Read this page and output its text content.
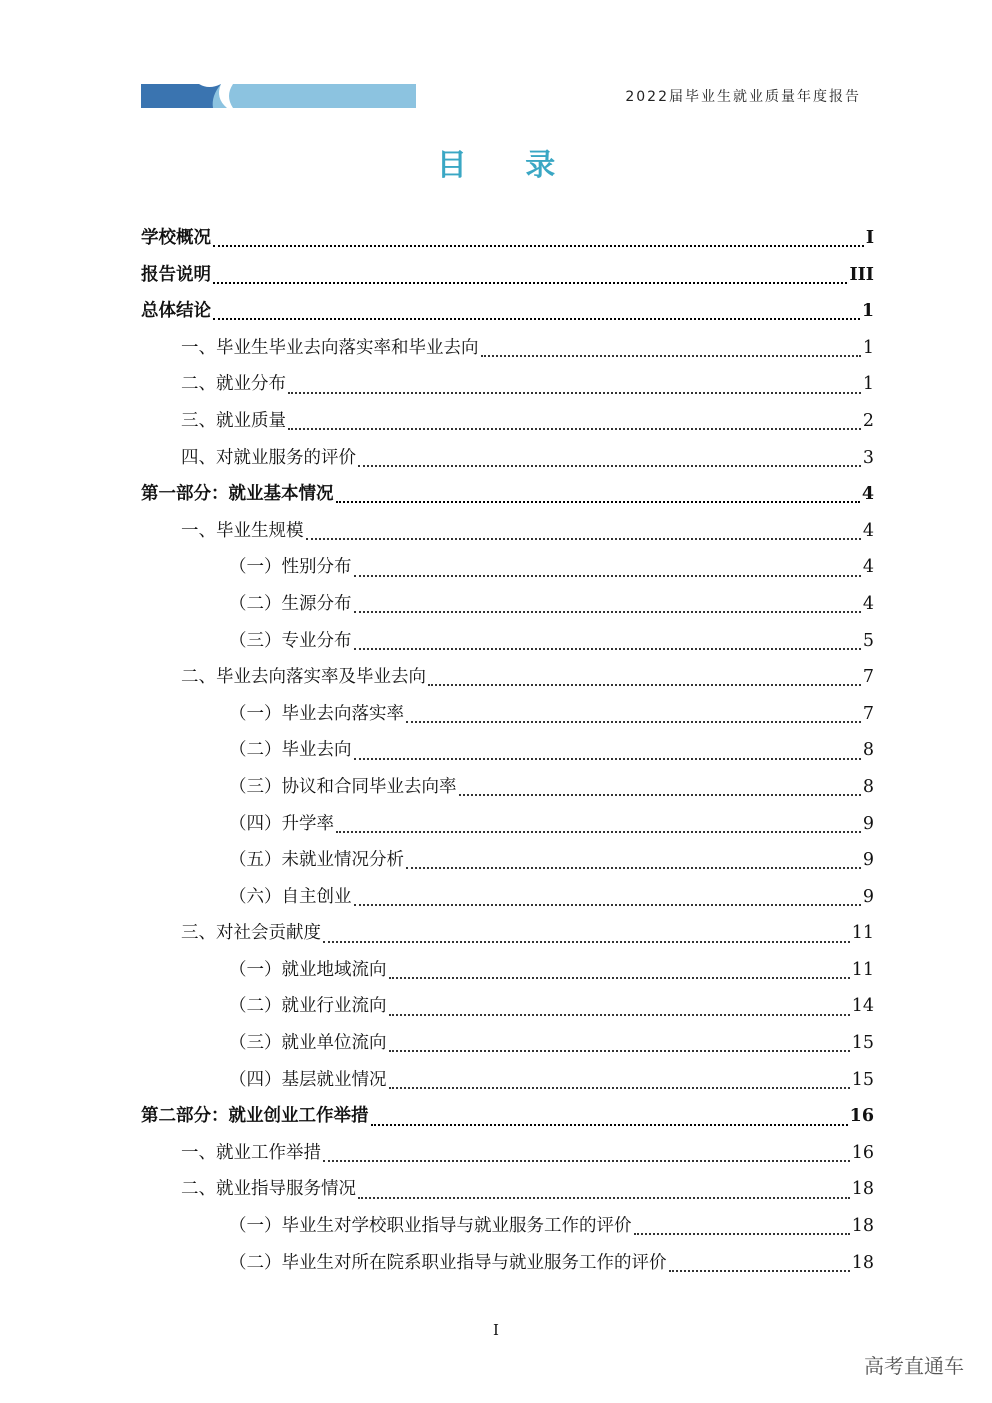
2022届毕业生就业质量年度报告
目 录
学校概况	I
报告说明	III
总体结论	1
一、毕业生毕业去向落实率和毕业去向	1
二、就业分布	1
三、就业质量	2
四、对就业服务的评价	3
第一部分：就业基本情况	4
一、毕业生规模	4
（一）性别分布	4
（二）生源分布	4
（三）专业分布	5
二、毕业去向落实率及毕业去向	7
（一）毕业去向落实率	7
（二）毕业去向	8
（三）协议和合同毕业去向率	8
（四）升学率	9
（五）未就业情况分析	9
（六）自主创业	9
三、对社会贡献度	11
（一）就业地域流向	11
（二）就业行业流向	14
（三）就业单位流向	15
（四）基层就业情况	15
第二部分：就业创业工作举措	16
一、就业工作举措	16
二、就业指导服务情况	18
（一）毕业生对学校职业指导与就业服务工作的评价	18
（二）毕业生对所在院系职业指导与就业服务工作的评价	18
I
高考直通车
